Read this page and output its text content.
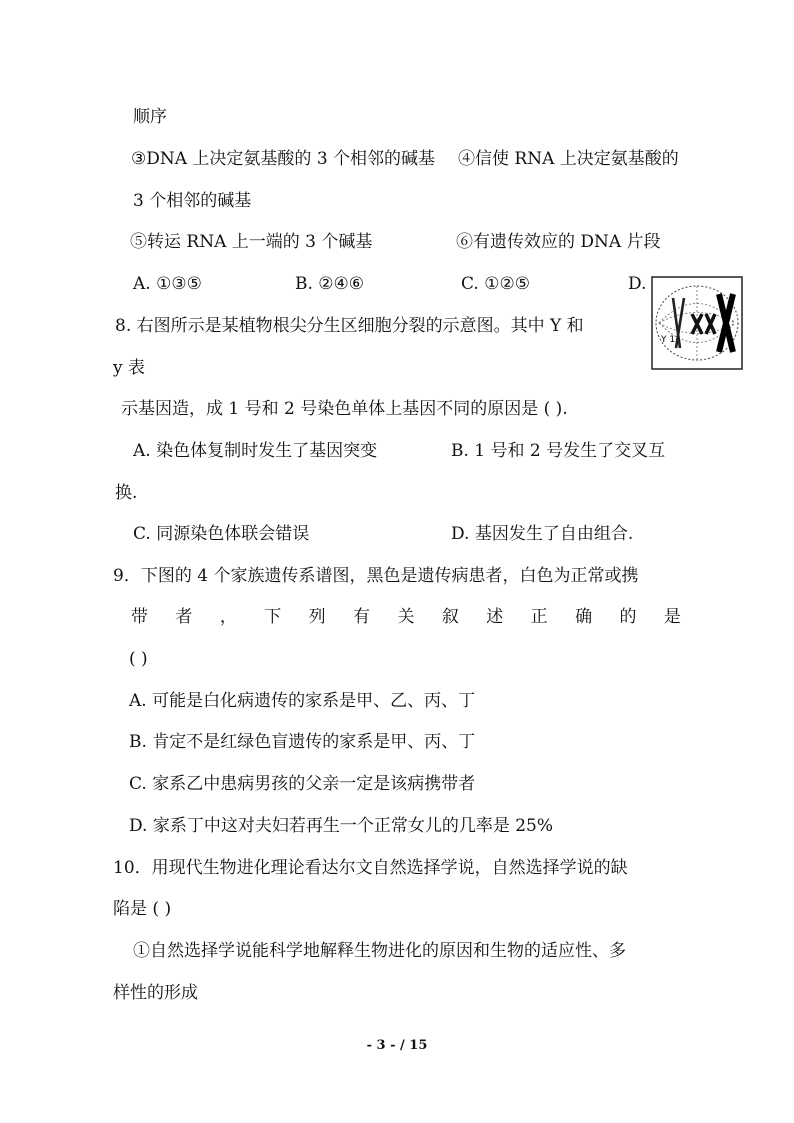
顺序
③DNA 上决定氨基酸的 3 个相邻的碱基 ④信使 RNA 上决定氨基酸的
3 个相邻的碱基
⑤转运 RNA 上一端的 3 个碱基	⑥有遗传效应的 DNA 片段
A. ①③⑤	B. ②④⑥	C. ①②⑤	D.
Y 1
8. 右图所示是某植物根尖分生区细胞分裂的示意图。其中 Y 和
y 表
示基因造，成 1 号和 2 号染色单体上基因不同的原因是 ( ).
A. 染色体复制时发生了基因突变	B. 1 号和 2 号发生了交叉互
换.
C. 同源染色体联会错误	D. 基因发生了自由组合.
9．下图的 4 个家族遗传系谱图，黑色是遗传病患者，白色为正常或携
带 者 ， 下 列 有 关 叙 述 正 确 的 是
( )
A. 可能是白化病遗传的家系是甲、乙、丙、丁
B. 肯定不是红绿色盲遗传的家系是甲、丙、丁
C. 家系乙中患病男孩的父亲一定是该病携带者
D. 家系丁中这对夫妇若再生一个正常女儿的几率是 25%
10．用现代生物进化理论看达尔文自然选择学说，自然选择学说的缺
陷是 ( )
①自然选择学说能科学地解释生物进化的原因和生物的适应性、多
样性的形成
- 3 - / 15
